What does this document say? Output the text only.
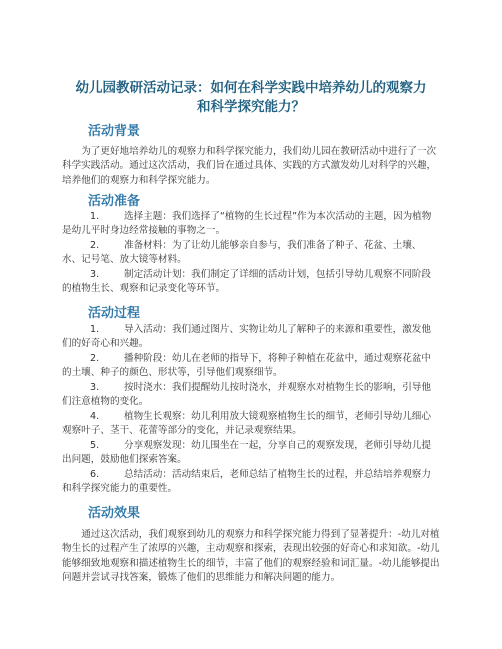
幼儿园教研活动记录：如何在科学实践中培养幼儿的观察力
和科学探究能力？
活动背景
为了更好地培养幼儿的观察力和科学探究能力，我们幼儿园在教研活动中进行了一次科学实践活动。通过这次活动，我们旨在通过具体、实践的方式激发幼儿对科学的兴趣，培养他们的观察力和科学探究能力。
活动准备
1.	选择主题：我们选择了“植物的生长过程”作为本次活动的主题，因为植物是幼儿平时身边经常接触的事物之一。
2.	准备材料：为了让幼儿能够亲自参与，我们准备了种子、花盆、土壤、水、记号笔、放大镜等材料。
3.	制定活动计划：我们制定了详细的活动计划，包括引导幼儿观察不同阶段的植物生长、观察和记录变化等环节。
活动过程
1.	导入活动：我们通过图片、实物让幼儿了解种子的来源和重要性，激发他们的好奇心和兴趣。
2.	播种阶段：幼儿在老师的指导下，将种子种植在花盆中，通过观察花盆中的土壤、种子的颜色、形状等，引导他们观察细节。
3.	按时浇水：我们提醒幼儿按时浇水，并观察水对植物生长的影响，引导他们注意植物的变化。
4.	植物生长观察：幼儿利用放大镜观察植物生长的细节，老师引导幼儿细心观察叶子、茎干、花蕾等部分的变化，并记录观察结果。
5.	分享观察发现：幼儿围坐在一起，分享自己的观察发现，老师引导幼儿提出问题，鼓励他们探索答案。
6.	总结活动：活动结束后，老师总结了植物生长的过程，并总结培养观察力和科学探究能力的重要性。
活动效果
通过这次活动，我们观察到幼儿的观察力和科学探究能力得到了显著提升：-幼儿对植物生长的过程产生了浓厚的兴趣，主动观察和探索，表现出较强的好奇心和求知欲。-幼儿能够细致地观察和描述植物生长的细节，丰富了他们的观察经验和词汇量。-幼儿能够提出问题并尝试寻找答案，锻炼了他们的思维能力和解决问题的能力。
